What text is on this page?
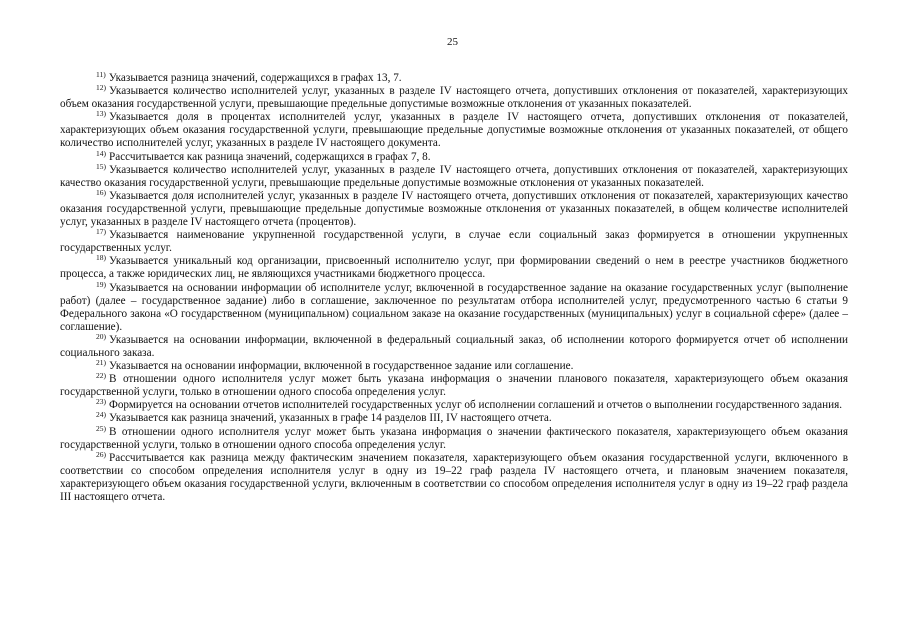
25

$^{11)}$ Указывается разница значений, содержащихся в графах 13, 7.

$^{12)}$ Указывается количество исполнителей услуг, указанных в разделе IV настоящего отчета, допустивших отклонения от показателей, характеризующих объем оказания государственной услуги, превышающие предельные допустимые возможные отклонения от указанных показателей.

$^{13)}$ Указывается доля в процентах исполнителей услуг, указанных в разделе IV настоящего отчета, допустивших отклонения от показателей, характеризующих объем оказания государственной услуги, превышающие предельные допустимые возможные отклонения от указанных показателей, от общего количество исполнителей услуг, указанных в разделе IV настоящего документа.

$^{14)}$ Рассчитывается как разница значений, содержащихся в графах 7, 8.

$^{15)}$ Указывается количество исполнителей услуг, указанных в разделе IV настоящего отчета, допустивших отклонения от показателей, характеризующих качество оказания государственной услуги, превышающие предельные допустимые возможные отклонения от указанных показателей.

$^{16)}$ Указывается доля исполнителей услуг, указанных в разделе IV настоящего отчета, допустивших отклонения от показателей, характеризующих качество оказания государственной услуги, превышающие предельные допустимые возможные отклонения от указанных показателей, в общем количестве исполнителей услуг, указанных в разделе IV настоящего отчета (процентов).

$^{17)}$ Указывается наименование укрупненной государственной услуги, в случае если социальный заказ формируется в отношении укрупненных государственных услуг.

$^{18)}$ Указывается уникальный код организации, присвоенный исполнителю услуг, при формировании сведений о нем в реестре участников бюджетного процесса, а также юридических лиц, не являющихся участниками бюджетного процесса.

$^{19)}$ Указывается на основании информации об исполнителе услуг, включенной в государственное задание на оказание государственных услуг (выполнение работ) (далее – государственное задание) либо в соглашение, заключенное по результатам отбора исполнителей услуг, предусмотренного частью 6 статьи 9 Федерального закона «О государственном (муниципальном) социальном заказе на оказание государственных (муниципальных) услуг в социальной сфере» (далее – соглашение).

$^{20)}$ Указывается на основании информации, включенной в федеральный социальный заказ, об исполнении которого формируется отчет об исполнении социального заказа.

$^{21)}$ Указывается на основании информации, включенной в государственное задание или соглашение.

$^{22)}$ В отношении одного исполнителя услуг может быть указана информация о значении планового показателя, характеризующего объем оказания государственной услуги, только в отношении одного способа определения услуг.

$^{23)}$ Формируется на основании отчетов исполнителей государственных услуг об исполнении соглашений и отчетов о выполнении государственного задания.

$^{24)}$ Указывается как разница значений, указанных в графе 14 разделов III, IV настоящего отчета.

$^{25)}$ В отношении одного исполнителя услуг может быть указана информация о значении фактического показателя, характеризующего объем оказания государственной услуги, только в отношении одного способа определения услуг.

$^{26)}$ Рассчитывается как разница между фактическим значением показателя, характеризующего объем оказания государственной услуги, включенного в соответствии со способом определения исполнителя услуг в одну из 19–22 граф раздела IV настоящего отчета, и плановым значением показателя, характеризующего объем оказания государственной услуги, включенным в соответствии со способом определения исполнителя услуг в одну из 19–22 граф раздела III настоящего отчета.
